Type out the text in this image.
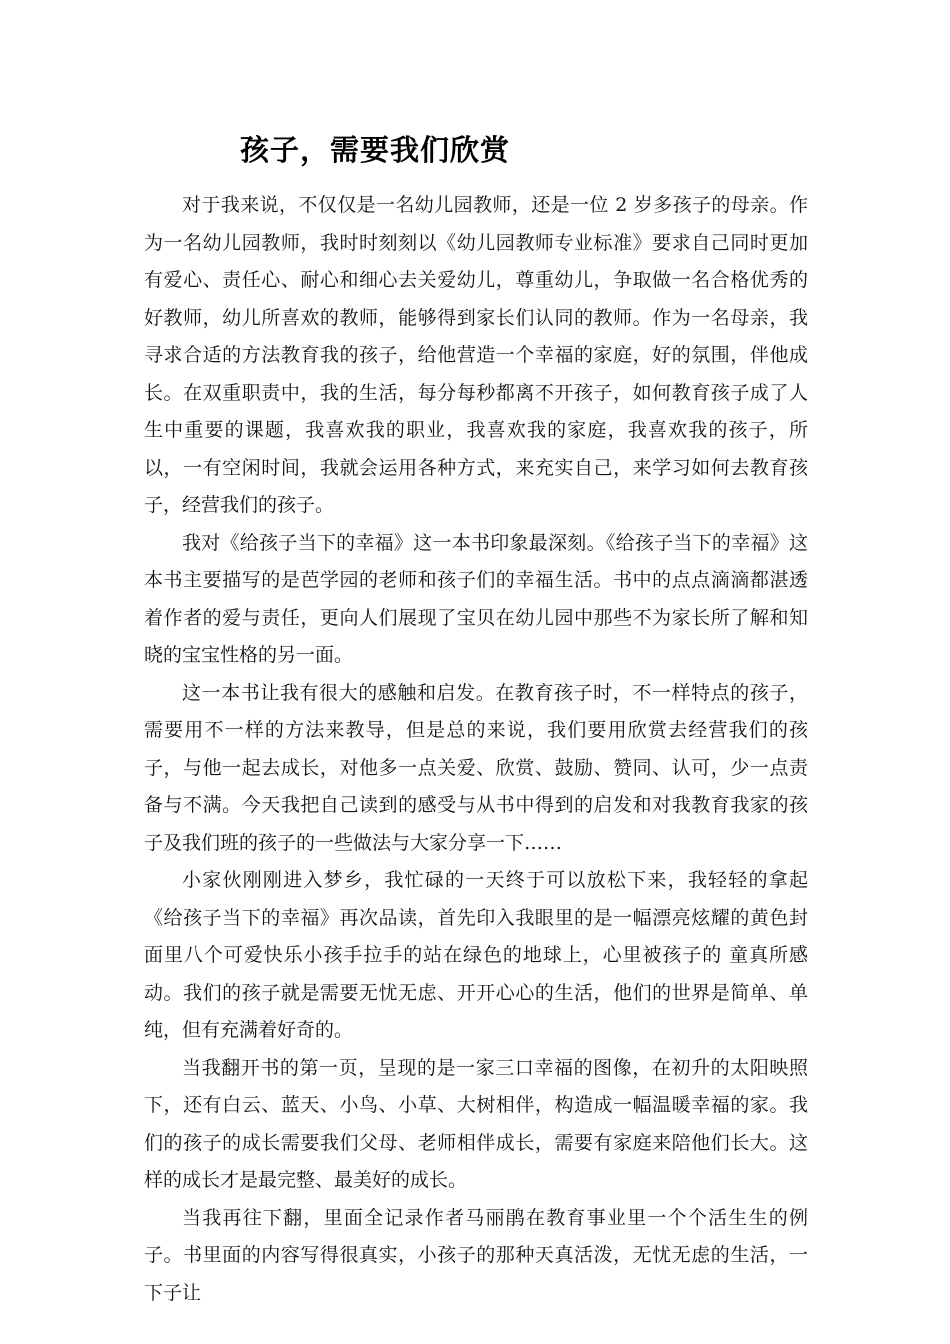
孩子，需要我们欣赏

对于我来说，不仅仅是一名幼儿园教师，还是一位 2 岁多孩子的母亲。作为一名幼儿园教师，我时时刻刻以《幼儿园教师专业标准》要求自己同时更加有爱心、责任心、耐心和细心去关爱幼儿，尊重幼儿，争取做一名合格优秀的好教师，幼儿所喜欢的教师，能够得到家长们认同的教师。作为一名母亲，我寻求合适的方法教育我的孩子，给他营造一个幸福的家庭，好的氛围，伴他成长。在双重职责中，我的生活，每分每秒都离不开孩子，如何教育孩子成了人生中重要的课题，我喜欢我的职业，我喜欢我的家庭，我喜欢我的孩子，所以，一有空闲时间，我就会运用各种方式，来充实自己，来学习如何去教育孩子，经营我们的孩子。

我对《给孩子当下的幸福》这一本书印象最深刻。《给孩子当下的幸福》这本书主要描写的是芭学园的老师和孩子们的幸福生活。书中的点点滴滴都湛透着作者的爱与责任，更向人们展现了宝贝在幼儿园中那些不为家长所了解和知晓的宝宝性格的另一面。

这一本书让我有很大的感触和启发。在教育孩子时，不一样特点的孩子，需要用不一样的方法来教导，但是总的来说，我们要用欣赏去经营我们的孩子，与他一起去成长，对他多一点关爱、欣赏、鼓励、赞同、认可，少一点责备与不满。今天我把自己读到的感受与从书中得到的启发和对我教育我家的孩子及我们班的孩子的一些做法与大家分享一下……

小家伙刚刚进入梦乡，我忙碌的一天终于可以放松下来，我轻轻的拿起《给孩子当下的幸福》再次品读，首先印入我眼里的是一幅漂亮炫耀的黄色封面里八个可爱快乐小孩手拉手的站在绿色的地球上，心里被孩子的 童真所感动。我们的孩子就是需要无忧无虑、开开心心的生活，他们的世界是简单、单纯，但有充满着好奇的。

当我翻开书的第一页，呈现的是一家三口幸福的图像，在初升的太阳映照下，还有白云、蓝天、小鸟、小草、大树相伴，构造成一幅温暖幸福的家。我们的孩子的成长需要我们父母、老师相伴成长，需要有家庭来陪他们长大。这样的成长才是最完整、最美好的成长。

当我再往下翻，里面全记录作者马丽鹃在教育事业里一个个活生生的例子。书里面的内容写得很真实，小孩子的那种天真活泼，无忧无虑的生活，一下子让
